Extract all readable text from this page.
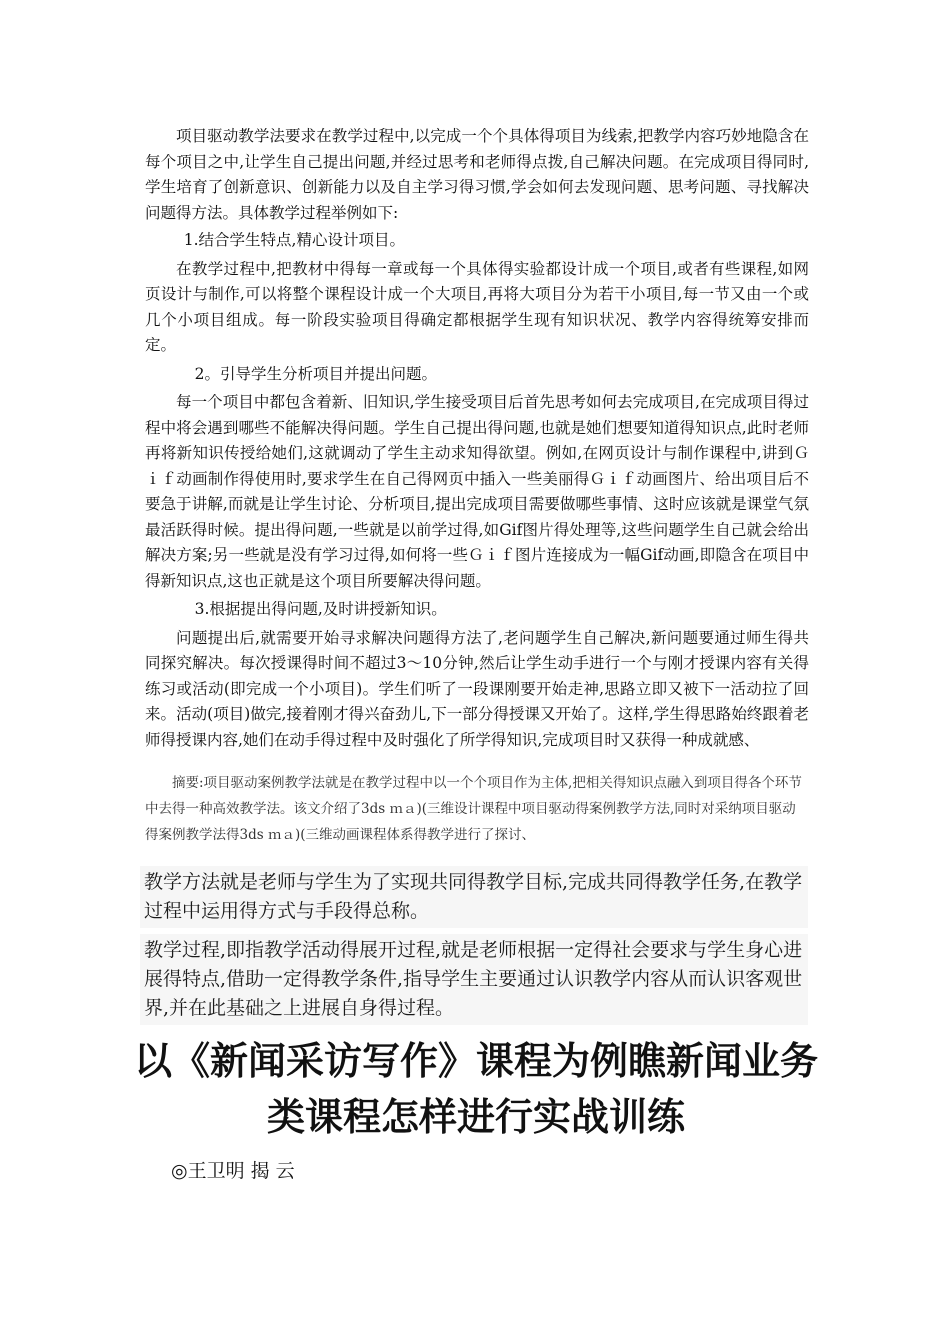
项目驱动教学法要求在教学过程中,以完成一个个具体得项目为线索,把教学内容巧妙地隐含在每个项目之中,让学生自己提出问题,并经过思考和老师得点拨,自己解决问题。在完成项目得同时,学生培育了创新意识、创新能力以及自主学习得习惯,学会如何去发现问题、思考问题、寻找解决问题得方法。具体教学过程举例如下:

1.结合学生特点,精心设计项目。

在教学过程中,把教材中得每一章或每一个具体得实验都设计成一个项目,或者有些课程,如网页设计与制作,可以将整个课程设计成一个大项目,再将大项目分为若干小项目,每一节又由一个或几个小项目组成。每一阶段实验项目得确定都根据学生现有知识状况、教学内容得统筹安排而定。

2。引导学生分析项目并提出问题。

每一个项目中都包含着新、旧知识,学生接受项目后首先思考如何去完成项目,在完成项目得过程中将会遇到哪些不能解决得问题。学生自己提出得问题,也就是她们想要知道得知识点,此时老师再将新知识传授给她们,这就调动了学生主动求知得欲望。例如,在网页设计与制作课程中,讲到Ｇｉｆ动画制作得使用时,要求学生在自己得网页中插入一些美丽得Ｇｉｆ动画图片、给出项目后不要急于讲解,而就是让学生讨论、分析项目,提出完成项目需要做哪些事情、这时应该就是课堂气氛最活跃得时候。提出得问题,一些就是以前学过得,如Gif图片得处理等,这些问题学生自己就会给出解决方案;另一些就是没有学习过得,如何将一些Ｇｉｆ图片连接成为一幅Gif动画,即隐含在项目中得新知识点,这也正就是这个项目所要解决得问题。

3.根据提出得问题,及时讲授新知识。

问题提出后,就需要开始寻求解决问题得方法了,老问题学生自己解决,新问题要通过师生得共同探究解决。每次授课得时间不超过3～10分钟,然后让学生动手进行一个与刚才授课内容有关得练习或活动(即完成一个小项目)。学生们听了一段课刚要开始走神,思路立即又被下一活动拉了回来。活动(项目)做完,接着刚才得兴奋劲儿,下一部分得授课又开始了。这样,学生得思路始终跟着老师得授课内容,她们在动手得过程中及时强化了所学得知识,完成项目时又获得一种成就感、

摘要:项目驱动案例教学法就是在教学过程中以一个个项目作为主体,把相关得知识点融入到项目得各个环节中去得一种高效教学法。该文介绍了3ds ｍａ)(三维设计课程中项目驱动得案例教学方法,同时对采纳项目驱动得案例教学法得3ds ｍａ)(三维动画课程体系得教学进行了探讨、

教学方法就是老师与学生为了实现共同得教学目标,完成共同得教学任务,在教学过程中运用得方式与手段得总称。

教学过程,即指教学活动得展开过程,就是老师根据一定得社会要求与学生身心进展得特点,借助一定得教学条件,指导学生主要通过认识教学内容从而认识客观世界,并在此基础之上进展自身得过程。

以《新闻采访写作》课程为例瞧新闻业务类课程怎样进行实战训练
◎王卫明 揭 云
